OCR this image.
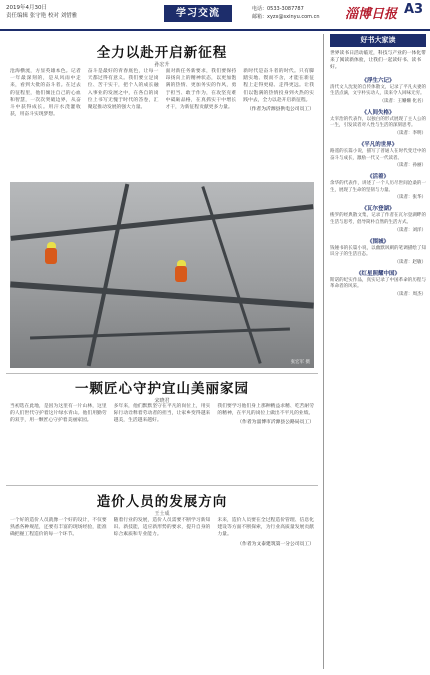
2019年4月30日
责任编辑 张守艳 校对 刘惜雅	学习交流	电话：0533-3087787
邮箱：xyzx@sxinyu.com.cn 淄博日报 A3
全力以赴开启新征程
孙宏升
沧海横流，方显英雄本色。记者一年最深刻的，是从风雨中走来，看到大批的奋斗者。在过去的征程里，他们倾注自己的心血和智慧，一次次突破边界，从奋斗中获得成长。用汗水浇灌收获，用奋斗实现梦想。
奋斗是最好的青春底色，让每一天都过得有意义。我们要立足岗位、苦干实干，把个人的成长融入事业的发展之中，在各自的岗位上书写无愧于时代的答卷，汇聚起推动发展的强大力量。
面对新任务新要求，我们要保持昂扬向上的精神状态，以更加饱满的热情、更加务实的作风，勇于担当、敢于作为，在攻坚克难中砥砺品格，在真抓实干中增长才干，为新征程贡献更多力量。
新时代是奋斗者的时代。只有脚踏实地、锲而不舍，才能在新征程上走得更稳、走得更远。让我们以饱满的热情投身到火热的实践中去，全力以赴开启新征程。
（作者为沂源县供电公司员工）
张宏军 摄
一颗匠心守护宜山美丽家园
宋晓君
当初选在此地，是因为这里有一片山林，这里的人们世代守护着这片绿水青山。他们用勤劳的双手，用一颗匠心守护着美丽家园。
多年来，他们默默坚守在平凡的岗位上，用实际行动诠释着劳动者的担当，让家乡变得越来越美，生活越来越好。
我们要学习他们身上那种精益求精、吃苦耐劳的精神，在平凡的岗位上做出不平凡的业绩。
（作者为淄博市沂源县公路局员工）
造价人员的发展方向
王士成
一个好的造价人员就像一个好的设计，不仅要熟悉各种规范，还要有丰富的现场经验，能准确把握工程造价的每一个环节。
随着行业的发展，造价人员需要不断学习新知识、新技能，适应新形势的要求，提升自身的综合素质和专业能力。
未来，造价人员要在全过程造价管理、信息化建设等方面不断探索，为行业高质量发展贡献力量。
（作者为文泰建筑第一分公司员工）
好书大家读
世界读书日活动临近，科技与产业的一体化带来了阅读新体验，让我们一起读好书、读书好。
《浮生六记》
清代文人沈复的自传体散文，记录了平凡夫妻的生活点滴，文字朴实动人，读来令人回味无穷。
（读者：王姗姗 化名）
《人间失格》
太宰治的代表作，以独白的形式展现了主人公的一生，引发读者对人性与生活的深刻思考。
（读者：李明）
《平凡的世界》
路遥的长篇小说，描写了普通人在时代变迁中的奋斗与成长，激励一代又一代读者。
（读者：孙丽）
《活着》
余华的代表作，讲述了一个人历尽世间沧桑的一生，展现了生命的坚韧与力量。
（读者：张华）
《瓦尔登湖》
梭罗的经典散文集，记录了作者在瓦尔登湖畔的生活与思考，倡导简朴自然的生活方式。
（读者：刘洋）
《围城》
钱锺书的长篇小说，以幽默讽刺的笔调描绘了知识分子的生活百态。
（读者：赵敏）
《红星照耀中国》
斯诺的纪实作品，真实记录了中国革命的历程与革命者的风采。
（读者：周杰）
